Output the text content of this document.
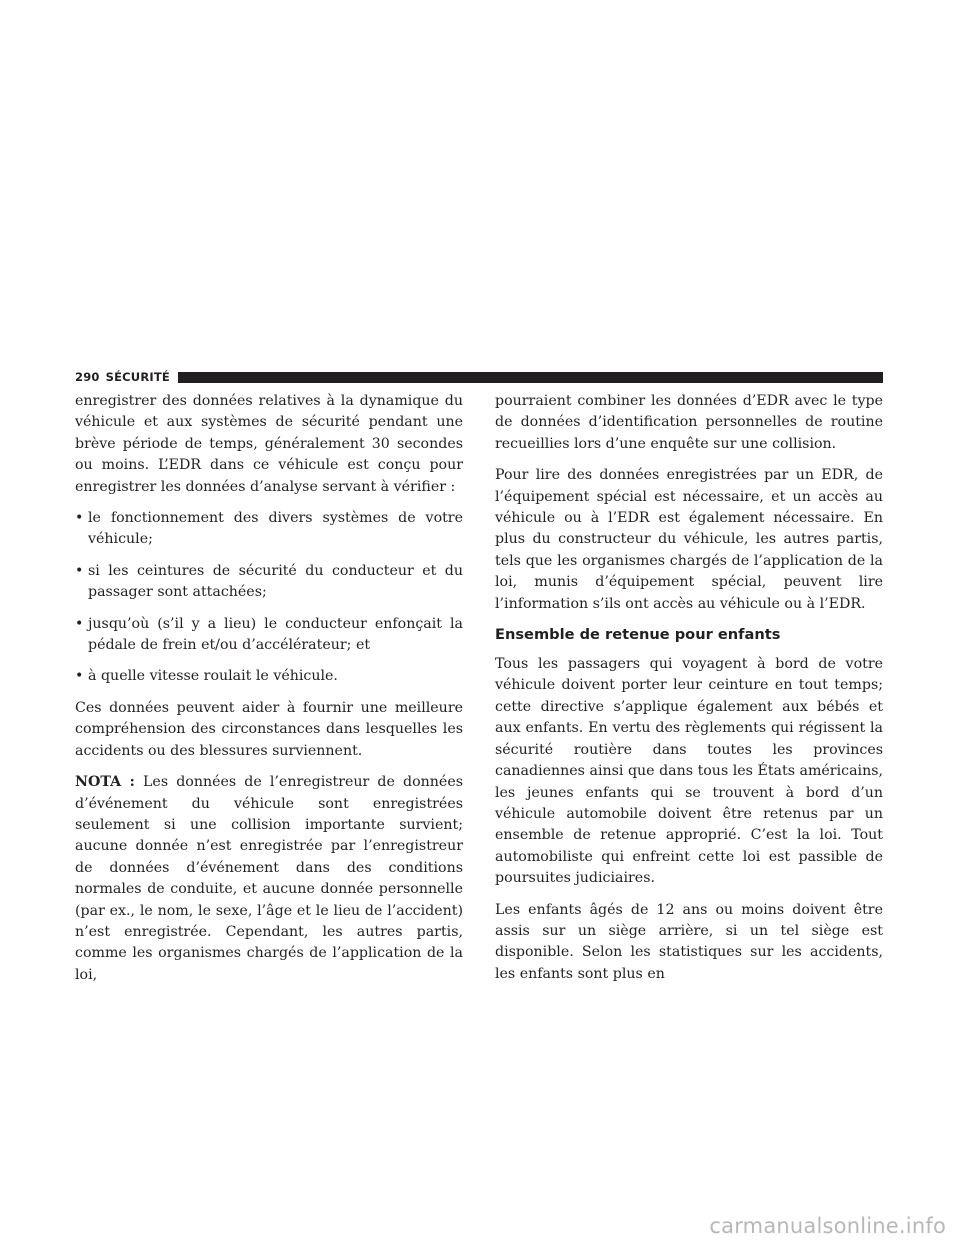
290 SÉCURITÉ

enregistrer des données relatives à la dynamique du véhicule et aux systèmes de sécurité pendant une brève période de temps, généralement 30 secondes ou moins. L’EDR dans ce véhicule est conçu pour enregistrer les données d’analyse servant à vérifier :

• le fonctionnement des divers systèmes de votre véhicule;
• si les ceintures de sécurité du conducteur et du passager sont attachées;
• jusqu’où (s’il y a lieu) le conducteur enfonçait la pédale de frein et/ou d’accélérateur; et
• à quelle vitesse roulait le véhicule.

Ces données peuvent aider à fournir une meilleure compréhension des circonstances dans lesquelles les accidents ou des blessures surviennent.

NOTA : Les données de l’enregistreur de données d’événement du véhicule sont enregistrées seulement si une collision importante survient; aucune donnée n’est enregistrée par l’enregistreur de données d’événement dans des conditions normales de conduite, et aucune donnée personnelle (par ex., le nom, le sexe, l’âge et le lieu de l’accident) n’est enregistrée. Cependant, les autres partis, comme les organismes chargés de l’application de la loi,

pourraient combiner les données d’EDR avec le type de données d’identification personnelles de routine recueillies lors d’une enquête sur une collision.

Pour lire des données enregistrées par un EDR, de l’équipement spécial est nécessaire, et un accès au véhicule ou à l’EDR est également nécessaire. En plus du constructeur du véhicule, les autres partis, tels que les organismes chargés de l’application de la loi, munis d’équipement spécial, peuvent lire l’information s’ils ont accès au véhicule ou à l’EDR.

Ensemble de retenue pour enfants

Tous les passagers qui voyagent à bord de votre véhicule doivent porter leur ceinture en tout temps; cette directive s’applique également aux bébés et aux enfants. En vertu des règlements qui régissent la sécurité routière dans toutes les provinces canadiennes ainsi que dans tous les États américains, les jeunes enfants qui se trouvent à bord d’un véhicule automobile doivent être retenus par un ensemble de retenue approprié. C’est la loi. Tout automobiliste qui enfreint cette loi est passible de poursuites judiciaires.

Les enfants âgés de 12 ans ou moins doivent être assis sur un siège arrière, si un tel siège est disponible. Selon les statistiques sur les accidents, les enfants sont plus en

carmanualsonline.info
